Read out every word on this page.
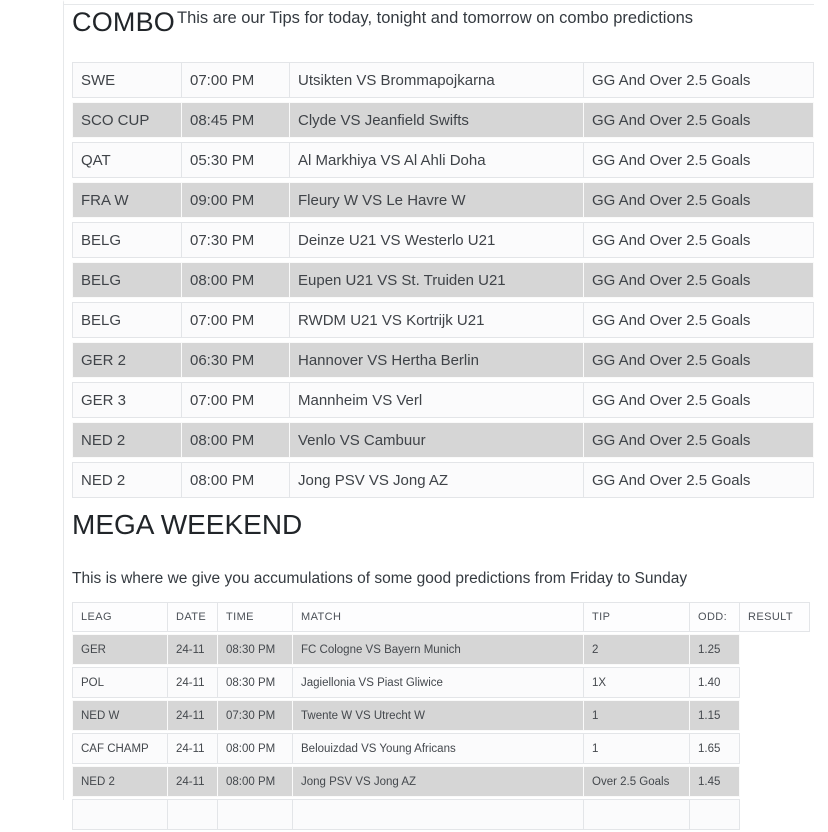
COMBO This are our Tips for today, tonight and tomorrow on combo predictions
SWE	07:00 PM	Utsikten VS Brommapojkarna	GG And Over 2.5 Goals
SCO CUP	08:45 PM	Clyde VS Jeanfield Swifts	GG And Over 2.5 Goals
QAT	05:30 PM	Al Markhiya VS Al Ahli Doha	GG And Over 2.5 Goals
FRA W	09:00 PM	Fleury W VS Le Havre W	GG And Over 2.5 Goals
BELG	07:30 PM	Deinze U21 VS Westerlo U21	GG And Over 2.5 Goals
BELG	08:00 PM	Eupen U21 VS St. Truiden U21	GG And Over 2.5 Goals
BELG	07:00 PM	RWDM U21 VS Kortrijk U21	GG And Over 2.5 Goals
GER 2	06:30 PM	Hannover VS Hertha Berlin	GG And Over 2.5 Goals
GER 3	07:00 PM	Mannheim VS Verl	GG And Over 2.5 Goals
NED 2	08:00 PM	Venlo VS Cambuur	GG And Over 2.5 Goals
NED 2	08:00 PM	Jong PSV VS Jong AZ	GG And Over 2.5 Goals
MEGA WEEKEND
This is where we give you accumulations of some good predictions from Friday to Sunday
LEAG	DATE	TIME	MATCH	TIP	ODD:	RESULT
GER	24-11	08:30 PM	FC Cologne VS Bayern Munich	2	1.25	
POL	24-11	08:30 PM	Jagiellonia VS Piast Gliwice	1X	1.40	
NED W	24-11	07:30 PM	Twente W VS Utrecht W	1	1.15	
CAF CHAMP	24-11	08:00 PM	Belouizdad VS Young Africans	1	1.65	
NED 2	24-11	08:00 PM	Jong PSV VS Jong AZ	Over 2.5 Goals	1.45	
